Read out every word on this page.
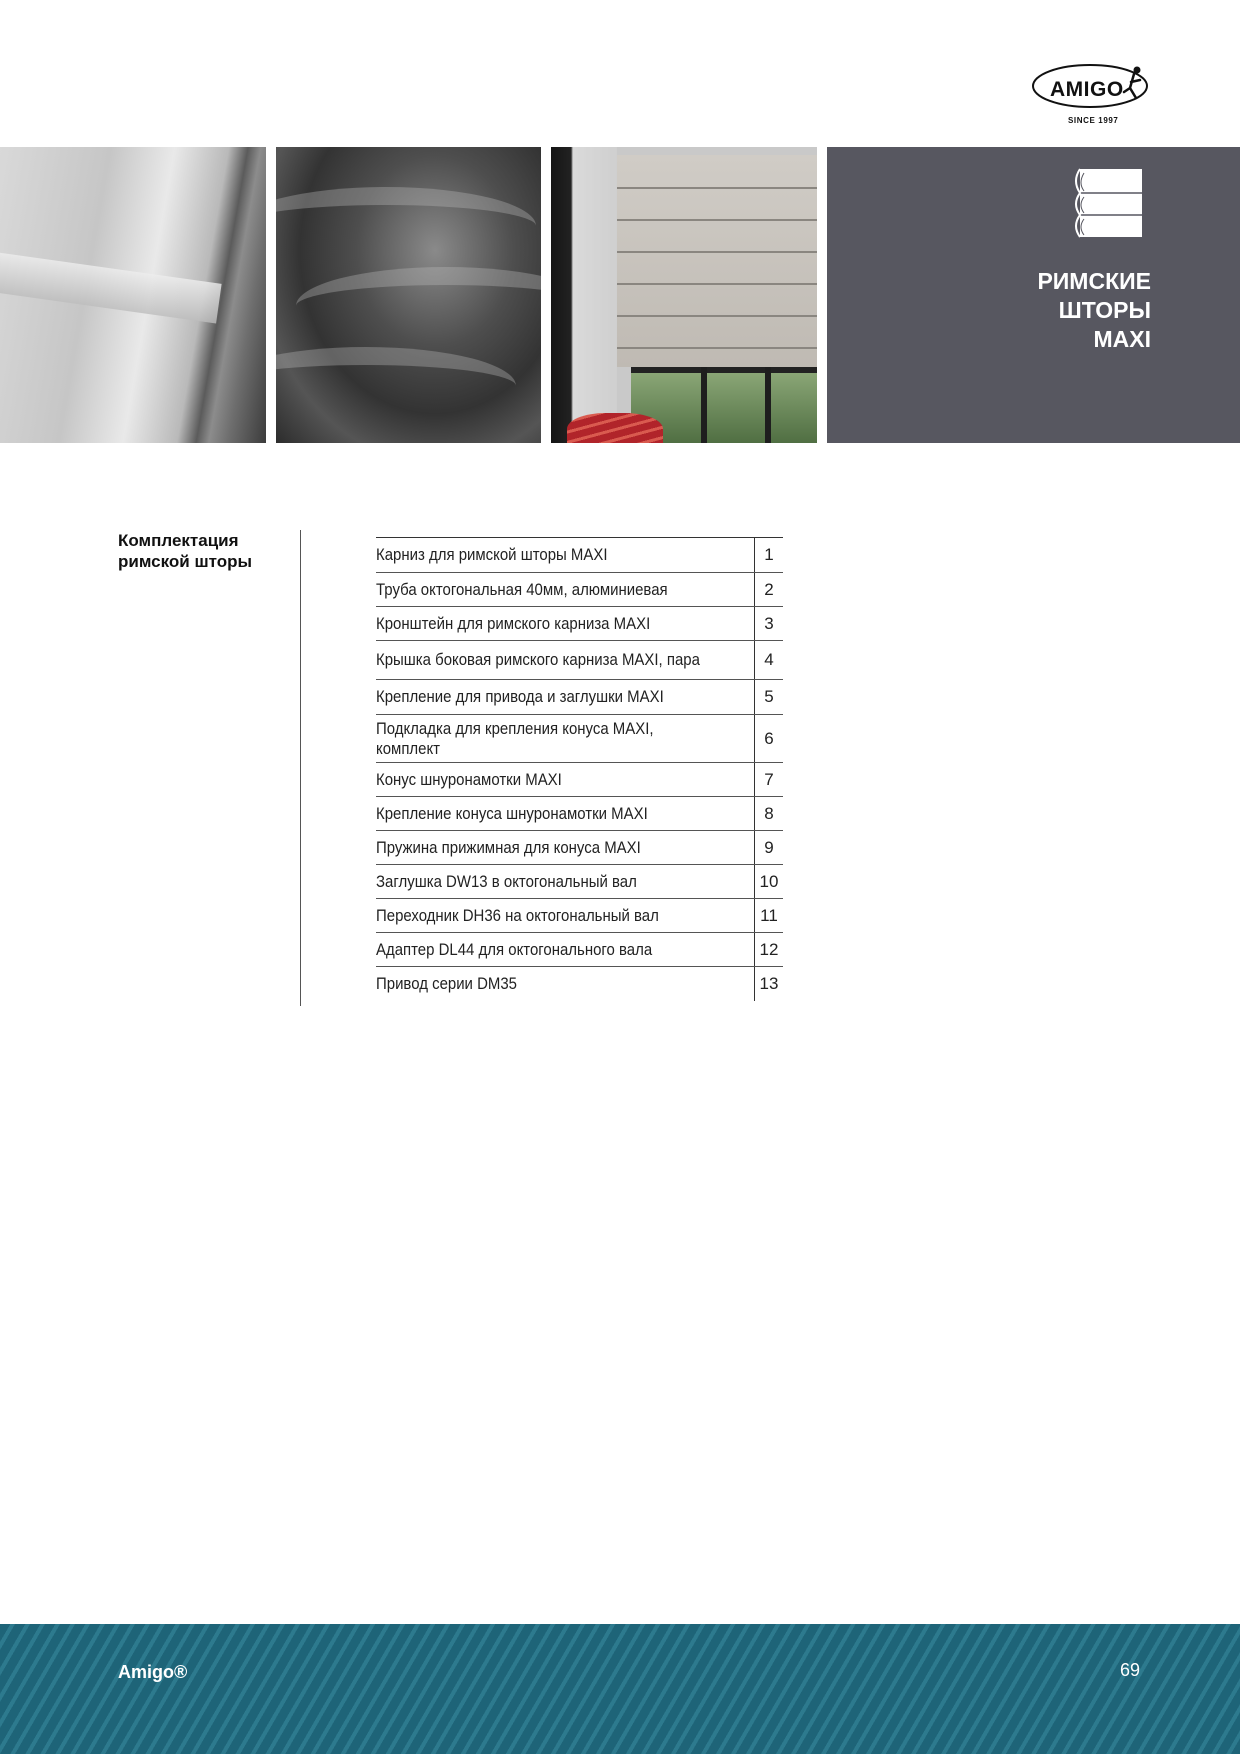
AMIGO
SINCE 1997
РИМСКИЕ
ШТОРЫ
MAXI
Комплектация
римской шторы	Карниз для римской шторы MAXI	1
Труба октогональная 40мм, алюминиевая	2
Кронштейн для римского карниза MAXI	3
Крышка боковая римского карниза MAXI, пара	4
Крепление для привода и заглушки MAXI	5

Подкладка для крепления конуса MAXI, комплект	6
Конус шнуронамотки MAXI	7
Крепление конуса шнуронамотки MAXI	8
Пружина прижимная для конуса MAXI	9
Заглушка DW13 в октогональный вал	10
Переходник DH36 на октогональный вал	11
Адаптер DL44 для октогонального вала	12
Привод серии DM35	13
Amigo®	69
